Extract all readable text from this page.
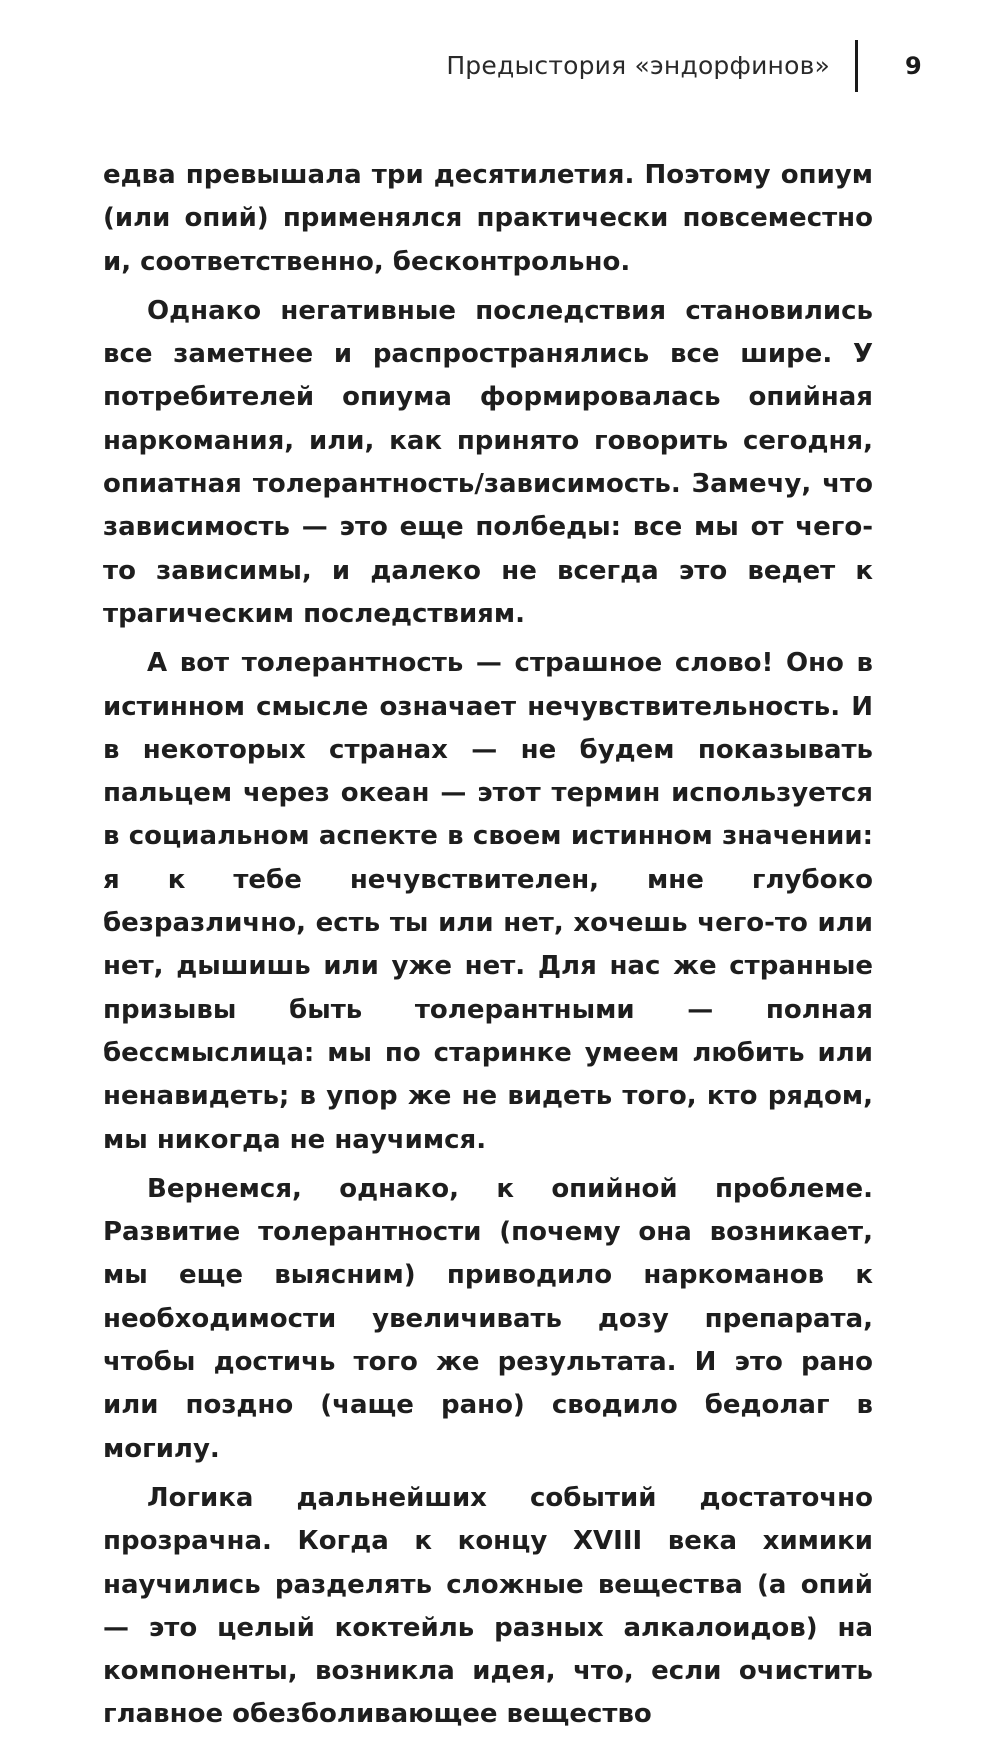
Предыстория «эндорфинов»	9

едва превышала три десятилетия. Поэтому опиум (или опий) применялся практически повсеместно и, соответственно, бесконтрольно.

Однако негативные последствия становились все заметнее и распространялись все шире. У потребителей опиума формировалась опийная наркомания, или, как принято говорить сегодня, опиатная толерантность/зависимость. Замечу, что зависимость — это еще полбеды: все мы от чего-то зависимы, и далеко не всегда это ведет к трагическим последствиям.

А вот толерантность — страшное слово! Оно в истинном смысле означает нечувствительность. И в некоторых странах — не будем показывать пальцем через океан — этот термин используется в социальном аспекте в своем истинном значении: я к тебе нечувствителен, мне глубоко безразлично, есть ты или нет, хочешь чего-то или нет, дышишь или уже нет. Для нас же странные призывы быть толерантными — полная бессмыслица: мы по старинке умеем любить или ненавидеть; в упор же не видеть того, кто рядом, мы никогда не научимся.

Вернемся, однако, к опийной проблеме. Развитие толерантности (почему она возникает, мы еще выясним) приводило наркоманов к необходимости увеличивать дозу препарата, чтобы достичь того же результата. И это рано или поздно (чаще рано) сводило бедолаг в могилу.

Логика дальнейших событий достаточно прозрачна. Когда к концу XVIII века химики научились разделять сложные вещества (а опий — это целый коктейль разных алкалоидов) на компоненты, возникла идея, что, если очистить главное обезболивающее вещество
